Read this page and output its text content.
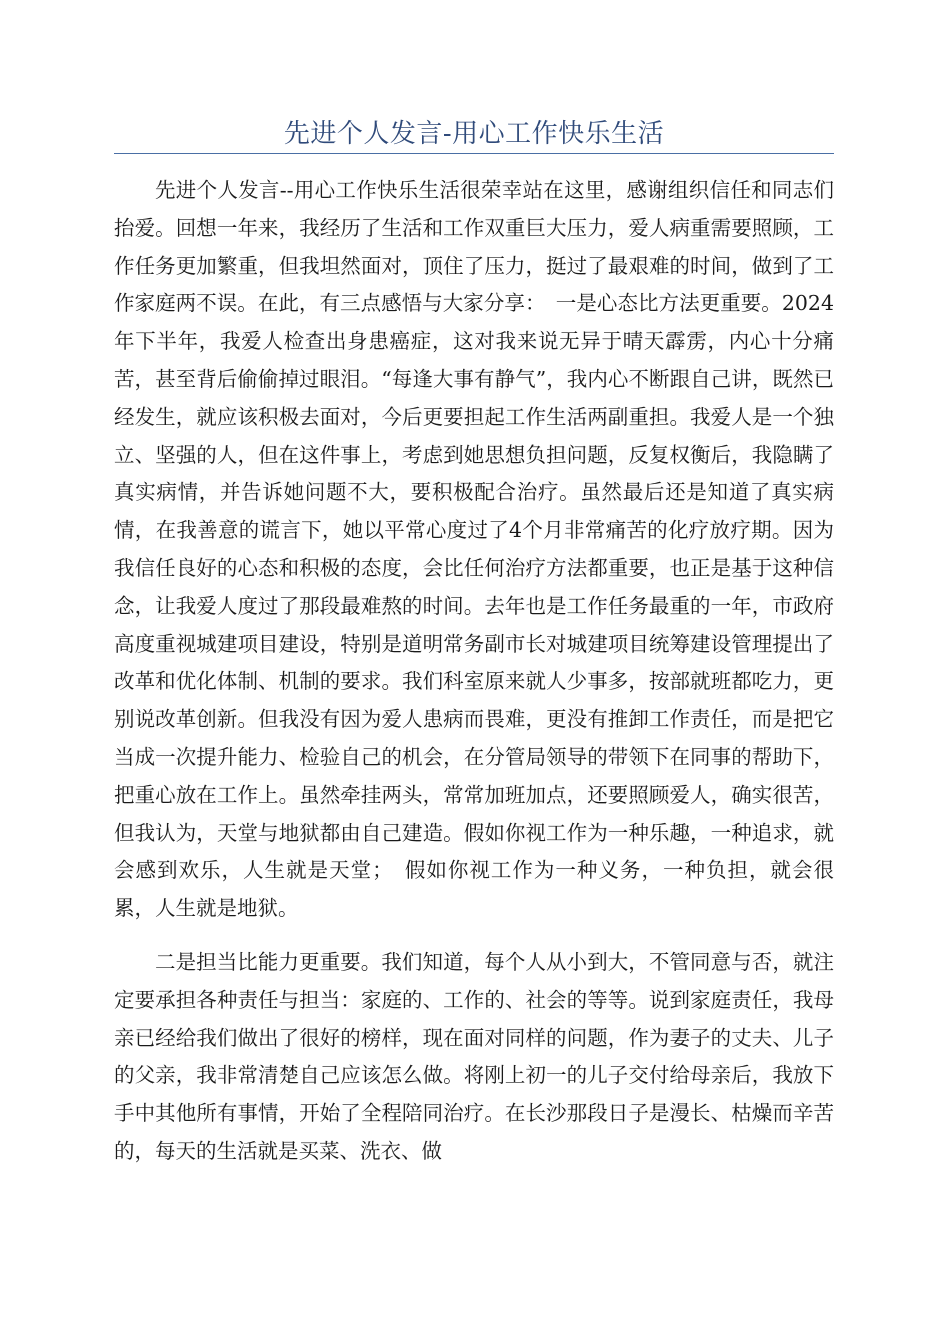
先进个人发言-用心工作快乐生活

先进个人发言--用心工作快乐生活很荣幸站在这里，感谢组织信任和同志们抬爱。回想一年来，我经历了生活和工作双重巨大压力，爱人病重需要照顾，工作任务更加繁重，但我坦然面对，顶住了压力，挺过了最艰难的时间，做到了工作家庭两不误。在此，有三点感悟与大家分享：　一是心态比方法更重要。2024年下半年，我爱人检查出身患癌症，这对我来说无异于晴天霹雳，内心十分痛苦，甚至背后偷偷掉过眼泪。“每逢大事有静气”，我内心不断跟自己讲，既然已经发生，就应该积极去面对，今后更要担起工作生活两副重担。我爱人是一个独立、坚强的人，但在这件事上，考虑到她思想负担问题，反复权衡后，我隐瞒了真实病情，并告诉她问题不大，要积极配合治疗。虽然最后还是知道了真实病情，在我善意的谎言下，她以平常心度过了4个月非常痛苦的化疗放疗期。因为我信任良好的心态和积极的态度，会比任何治疗方法都重要，也正是基于这种信念，让我爱人度过了那段最难熬的时间。去年也是工作任务最重的一年，市政府高度重视城建项目建设，特别是道明常务副市长对城建项目统筹建设管理提出了改革和优化体制、机制的要求。我们科室原来就人少事多，按部就班都吃力，更别说改革创新。但我没有因为爱人患病而畏难，更没有推卸工作责任，而是把它当成一次提升能力、检验自己的机会，在分管局领导的带领下在同事的帮助下，把重心放在工作上。虽然牵挂两头，常常加班加点，还要照顾爱人，确实很苦，但我认为，天堂与地狱都由自己建造。假如你视工作为一种乐趣，一种追求，就会感到欢乐，人生就是天堂；　假如你视工作为一种义务，一种负担，就会很累，人生就是地狱。

二是担当比能力更重要。我们知道，每个人从小到大，不管同意与否，就注定要承担各种责任与担当：家庭的、工作的、社会的等等。说到家庭责任，我母亲已经给我们做出了很好的榜样，现在面对同样的问题，作为妻子的丈夫、儿子的父亲，我非常清楚自己应该怎么做。将刚上初一的儿子交付给母亲后，我放下手中其他所有事情，开始了全程陪同治疗。在长沙那段日子是漫长、枯燥而辛苦的，每天的生活就是买菜、洗衣、做
